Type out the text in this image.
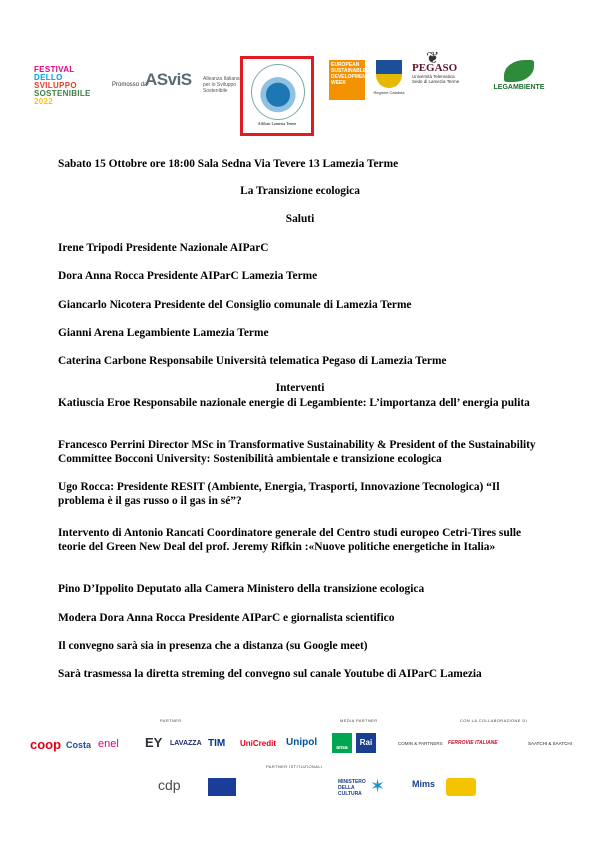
FESTIVAL
DELLO
SVILUPPO
SOSTENIBILE
2022
Promosso da
ASviS Alleanza Italiana per lo Sviluppo Sostenibile
Affiliati Lamezia Terme
EUROPEAN SUSTAINABLE DEVELOPMENT WEEK
Regione Calabria
❦
PEGASO
Università Telematica
Sede di Lamezia Terme
LEGAMBIENTE
Sabato 15 Ottobre ore 18:00 Sala Sedna Via Tevere 13 Lamezia Terme
La Transizione ecologica
Saluti
Irene Tripodi Presidente Nazionale AIParC
Dora Anna Rocca Presidente AIParC Lamezia Terme
Giancarlo Nicotera Presidente del Consiglio comunale di Lamezia Terme
Gianni Arena Legambiente Lamezia Terme
Caterina Carbone Responsabile Università telematica Pegaso di Lamezia Terme
Interventi
Katiuscia Eroe Responsabile nazionale energie di Legambiente: L’importanza dell’ energia pulita
Francesco Perrini Director MSc in Transformative Sustainability & President of the Sustainability Committee Bocconi University: Sostenibilità ambientale e transizione ecologica
Ugo Rocca: Presidente RESIT (Ambiente, Energia, Trasporti, Innovazione Tecnologica) “Il problema è il gas russo o il gas in sé”?
Intervento di Antonio Rancati Coordinatore generale del Centro studi europeo Cetri-Tires sulle teorie del Green New Deal del prof. Jeremy Rifkin :«Nuove politiche energetiche in Italia»
Pino D’Ippolito Deputato alla Camera Ministero della transizione ecologica
Modera Dora Anna Rocca Presidente AIParC e giornalista scientifico
Il convegno sarà sia in presenza che a distanza (su Google meet)
Sarà trasmessa la diretta streming del convegno sul canale Youtube di AIParC Lamezia
PARTNER	MEDIA PARTNER	CON LA COLLABORAZIONE DI
coop Costa enel EY LAVAZZA TIM UniCredit Unipol	ansa
Rai	COMIN & PARTNERS FERROVIE ITALIANE	SAATCHI & SAATCHI
PARTNER ISTITUZIONALI
cdp	MINISTERO DELLA CULTURA
Mims
✶
